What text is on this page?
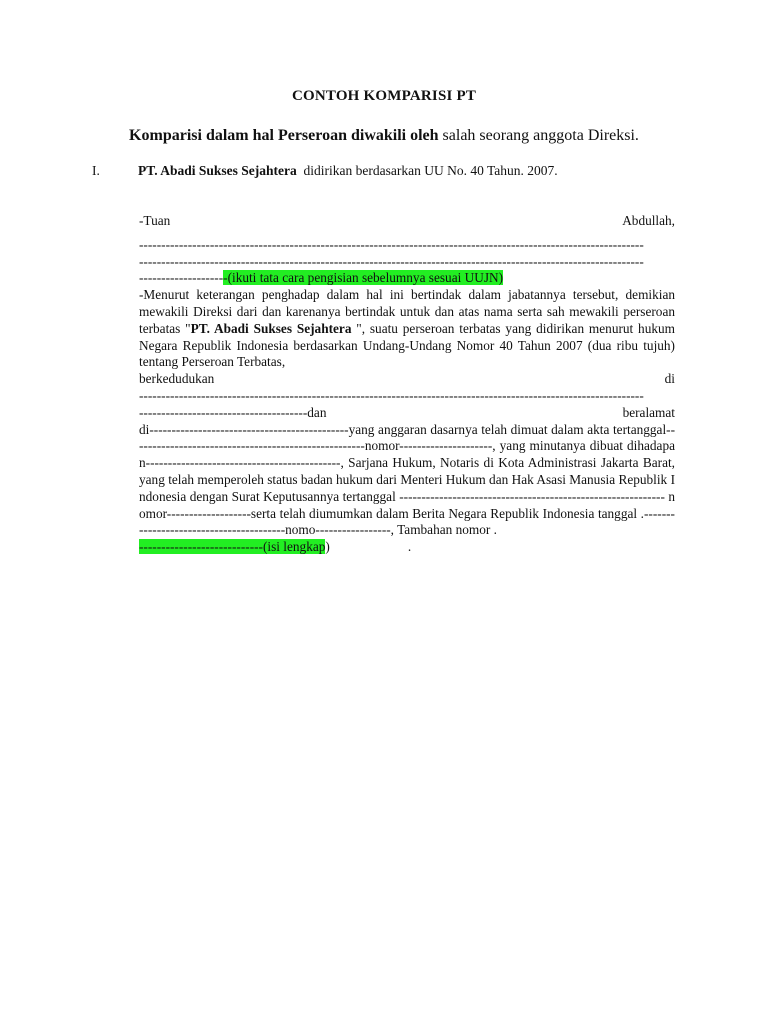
CONTOH KOMPARISI PT
Komparisi dalam hal Perseroan diwakili oleh salah seorang anggota Direksi.
I.	PT. Abadi Sukses Sejahtera didirikan berdasarkan UU No. 40 Tahun. 2007.
-Tuan	Abdullah,
------------------------------------------------------------------------------------------------------------------
------------------------------------------------------------------------------------------------------------------
--------------------(ikuti tata cara pengisian sebelumnya sesuai UUJN)
-Menurut keterangan penghadap dalam hal ini bertindak dalam jabatannya tersebut, demikian mewakili Direksi dari dan karenanya bertindak untuk dan atas nama serta sah mewakili perseroan terbatas "PT. Abadi Sukses Sejahtera ", suatu perseroan terbatas yang didirikan menurut hukum Negara Republik Indonesia berdasarkan Undang-Undang Nomor 40 Tahun 2007 (dua ribu tujuh) tentang Perseroan Terbatas,
berkedudukan	di
------------------------------------------------------------------------------------------------------------------
--------------------------------------dan	beralamat
di---------------------------------------------yang anggaran dasarnya telah dimuat dalam akta tertanggal-----------------------------------------------------nomor---------------------, yang minutanya dibuat dihadapan--------------------------------------------, Sarjana Hukum, Notaris di Kota Administrasi Jakarta Barat, yang telah memperoleh status badan hukum dari Menteri Hukum dan Hak Asasi Manusia Republik Indonesia dengan Surat Keputusannya tertanggal ------------------------------------------------------------ nomor-------------------serta telah diumumkan dalam Berita Negara Republik Indonesia tanggal .----------------------------------------nomo-----------------, Tambahan nomor .
----------------------------(isi lengkap)	.
